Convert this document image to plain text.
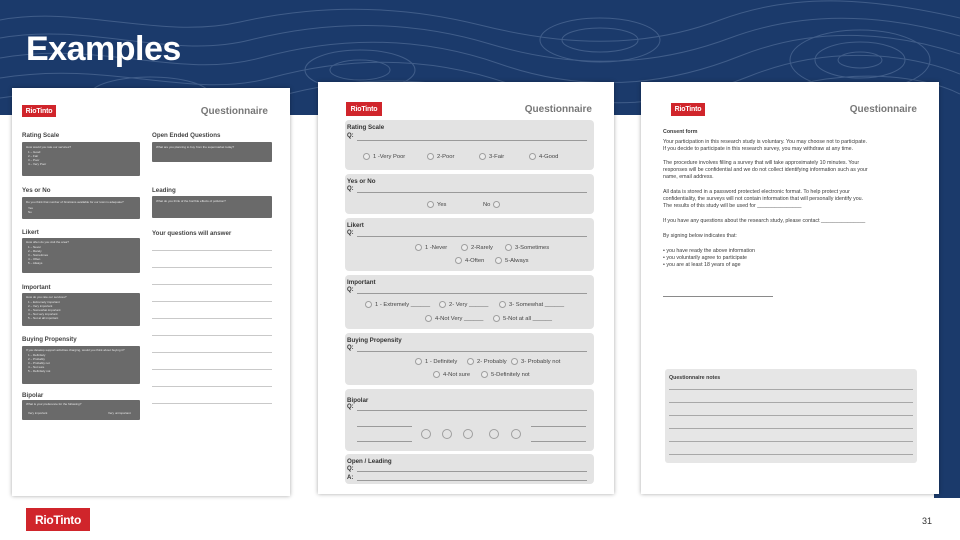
Examples
RioTinto	Questionnaire
Rating Scale
How would you rate our services?
1 – Good
2 – Fair
3 – Poor
4 – Very Poor
Yes or No
Do you think that number of bins/cans available for our town is adequate?
Yes
No
Likert
How often do you visit the area?
1 – Never
2 – Rarely
3 – Sometimes
4 – Often
5 – Always
Important
How do you rate our services?
1 – Extremely important
2 – Very important
3 – Somewhat important
4 – Not very important
5 – Not at all important
Buying Propensity
If you develop support activities charging, would you think about buying it?
1 – Definitely
2 – Probably
3 – Probably not
4 – Not sure
5 – Definitely not
Bipolar
What is your preference for the following?
Very important	Very unimportant
Open Ended Questions
What are you planning to buy from the supermarket today?
Leading
What do you think of the horrible effects of pollution?
Your questions will answer
RioTinto	Questionnaire
Rating Scale
Q:
1 -Very Poor	2-Poor	3-Fair	4-Good
Yes or No
Q:
Yes	No
Likert
Q:
1 -Never	2-Rarely	3-Sometimes
4-Often	5-Always
Important
Q:
1 - Extremely ______	2- Very ______	3- Somewhat ______
4-Not Very ______	5-Not at all ______
Buying Propensity
Q:
1 - Definitely	2- Probably 3- Probably not
4-Not sure	5-Definitely not
Bipolar
Q:
Open / Leading
Q:
A:
RioTinto	Questionnaire
Consent form
Your participation in this research study is voluntary. You may choose not to participate.
If you decide to participate in this research survey, you may withdraw at any time.
The procedure involves filling a survey that will take approximately 10 minutes. Your
responses will be confidential and we do not collect identifying information such as your
name, email address.
All data is stored in a password protected electronic format. To help protect your
confidentiality, the surveys will not contain information that will personally identify you.
The results of this study will be used for _______________
If you have any questions about the research study, please contact _______________
By signing below indicates that:
• you have ready the above information
• you voluntarily agree to participate
• you are at least 18 years of age
Questionnaire notes
RioTinto	31
